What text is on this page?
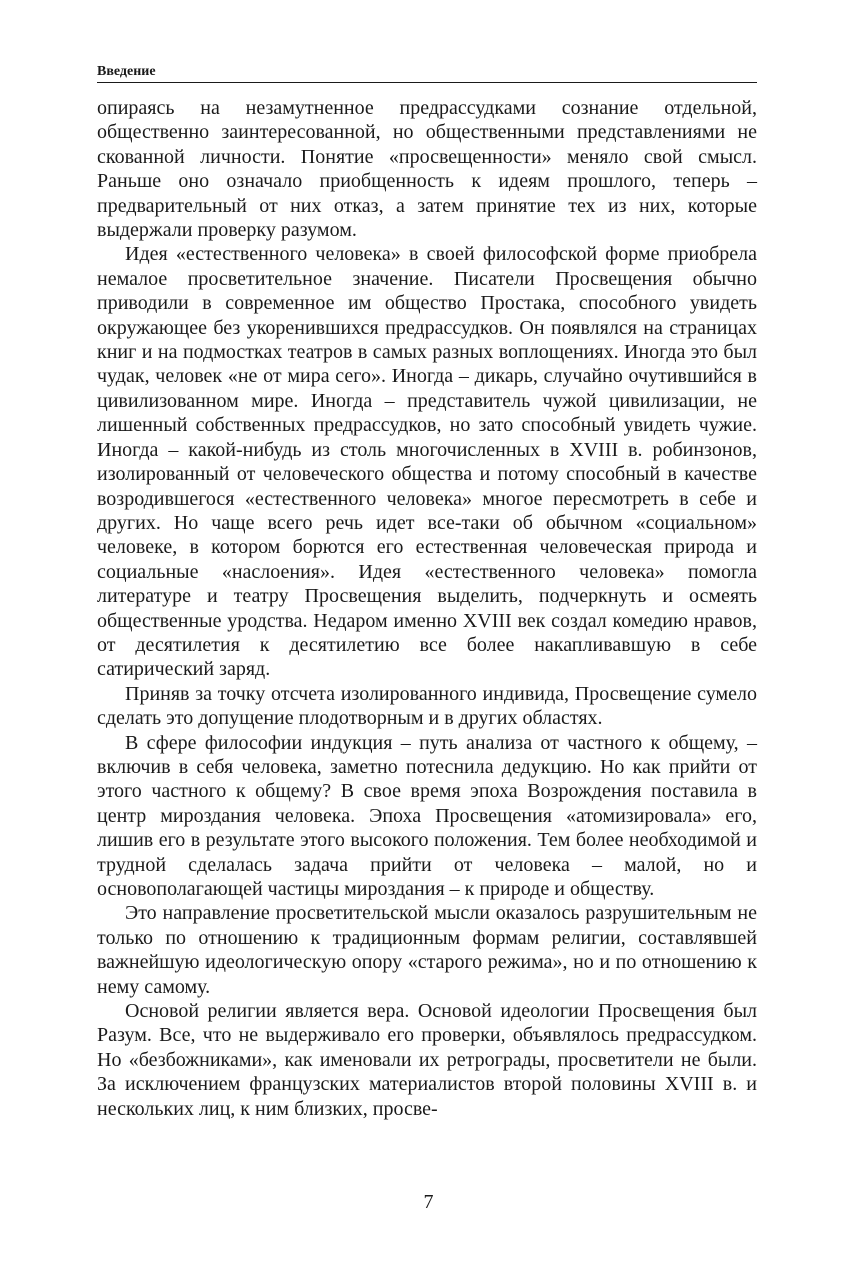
Введение

опираясь на незамутненное предрассудками сознание отдельной, общественно заинтересованной, но общественными представлениями не скованной личности. Понятие «просвещенности» меняло свой смысл. Раньше оно означало приобщенность к идеям прошлого, теперь – предварительный от них отказ, а затем принятие тех из них, которые выдержали проверку разумом.

Идея «естественного человека» в своей философской форме приобрела немалое просветительное значение. Писатели Просвещения обычно приводили в современное им общество Простака, способного увидеть окружающее без укоренившихся предрассудков. Он появлялся на страницах книг и на подмостках театров в самых разных воплощениях. Иногда это был чудак, человек «не от мира сего». Иногда – дикарь, случайно очутившийся в цивилизованном мире. Иногда – представитель чужой цивилизации, не лишенный собственных предрассудков, но зато способный увидеть чужие. Иногда – какой-нибудь из столь многочисленных в XVIII в. робинзонов, изолированный от человеческого общества и потому способный в качестве возродившегося «естественного человека» многое пересмотреть в себе и других. Но чаще всего речь идет все-таки об обычном «социальном» человеке, в котором борются его естественная человеческая природа и социальные «наслоения». Идея «естественного человека» помогла литературе и театру Просвещения выделить, подчеркнуть и осмеять общественные уродства. Недаром именно XVIII век создал комедию нравов, от десятилетия к десятилетию все более накапливавшую в себе сатирический заряд.

Приняв за точку отсчета изолированного индивида, Просвещение сумело сделать это допущение плодотворным и в других областях.

В сфере философии индукция – путь анализа от частного к общему, – включив в себя человека, заметно потеснила дедукцию. Но как прийти от этого частного к общему? В свое время эпоха Возрождения поставила в центр мироздания человека. Эпоха Просвещения «атомизировала» его, лишив его в результате этого высокого положения. Тем более необходимой и трудной сделалась задача прийти от человека – малой, но и основополагающей частицы мироздания – к природе и обществу.

Это направление просветительской мысли оказалось разрушительным не только по отношению к традиционным формам религии, составлявшей важнейшую идеологическую опору «старого режима», но и по отношению к нему самому.

Основой религии является вера. Основой идеологии Просвещения был Разум. Все, что не выдерживало его проверки, объявлялось предрассудком. Но «безбожниками», как именовали их ретрограды, просветители не были. За исключением французских материалистов второй половины XVIII в. и нескольких лиц, к ним близких, просве-

7
